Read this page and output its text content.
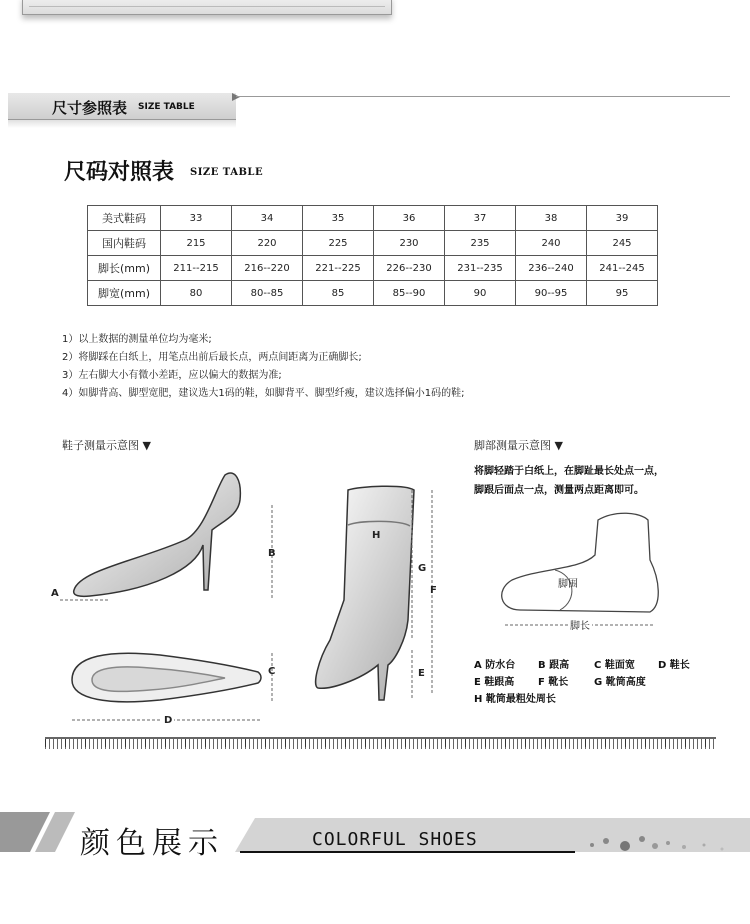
尺寸参照表 SIZE TABLE
尺码对照表 SIZE TABLE
美式鞋码	33	34	35	36	37	38	39
国内鞋码	215	220	225	230	235	240	245
脚长(mm)	211--215	216--220	221--225	226--230	231--235	236--240	241--245
脚宽(mm)	80	80--85	85	85--90	90	90--95	95
1）以上数据的测量单位均为毫米;
2）将脚踩在白纸上，用笔点出前后最长点，两点间距离为正确脚长;
3）左右脚大小有微小差距，应以偏大的数据为准;
4）如脚背高、脚型宽肥，建议选大1码的鞋，如脚背平、脚型纤瘦，建议选择偏小1码的鞋;
鞋子测量示意图 ▼	脚部测量示意图 ▼
将脚轻踏于白纸上，在脚趾最长处点一点，
脚跟后面点一点，测量两点距离即可。
A
B
C
D
E
F
G
H
脚围
脚长
A 防水台 B 跟高 C 鞋面宽 D 鞋长
E 鞋跟高 F 靴长	G 靴筒高度
H 靴筒最粗处周长
颜色展示	COLORFUL SHOES
